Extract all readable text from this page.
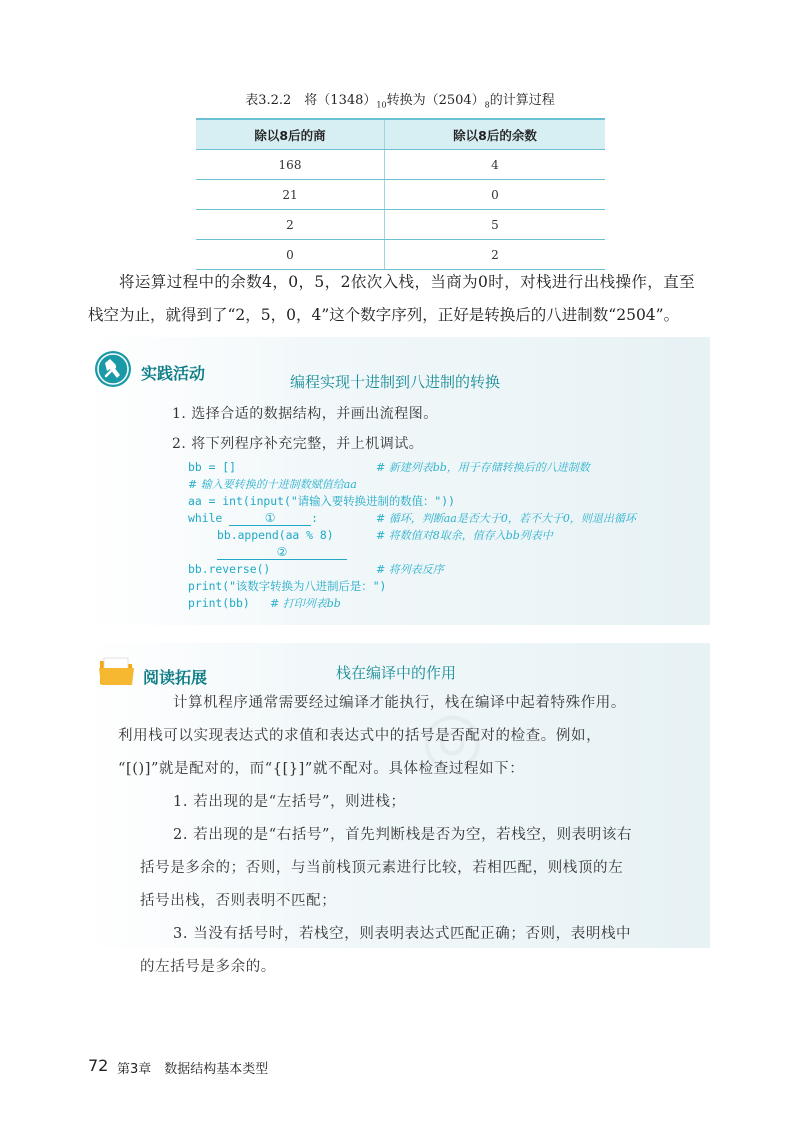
表3.2.2　将$(1348)_{10}$转换为$(2504)_8$的计算过程
除以8后的商	除以8后的余数
168	4
21	0
2	5
0	2
将运算过程中的余数4，0，5，2依次入栈，当商为0时，对栈进行出栈操作，直至
栈空为止，就得到了“2，5，0，4”这个数字序列，正好是转换后的八进制数“2504”。
实践活动	编程实现十进制到八进制的转换
1. 选择合适的数据结构，并画出流程图。
2. 将下列程序补充完整，并上机调试。

bb = []

	# 新建列表bb，用于存储转换后的八进制数

# 输入要转换的十进制数赋值给aa

aa = int(input("请输入要转换进制的数值："))

while	①	:

	# 循环，判断aa是否大于0，若不大于0，则退出循环

bb.append(aa % 8)

	# 将数值对8取余，值存入bb列表中

②

bb.reverse()

	# 将列表反序

print("该数字转换为八进制后是：")

print(bb)

# 打印列表bb

◎
阅读拓展	栈在编译中的作用

计算机程序通常需要经过编译才能执行，栈在编译中起着特殊作用。

利用栈可以实现表达式的求值和表达式中的括号是否配对的检查。例如，

“[()]”就是配对的，而“{[}]”就不配对。具体检查过程如下：

1. 若出现的是“左括号”，则进栈；

2. 若出现的是“右括号”，首先判断栈是否为空，若栈空，则表明该右

括号是多余的；否则，与当前栈顶元素进行比较，若相匹配，则栈顶的左

括号出栈，否则表明不匹配；

3. 当没有括号时，若栈空，则表明表达式匹配正确；否则，表明栈中

的左括号是多余的。

72 第3章　数据结构基本类型
